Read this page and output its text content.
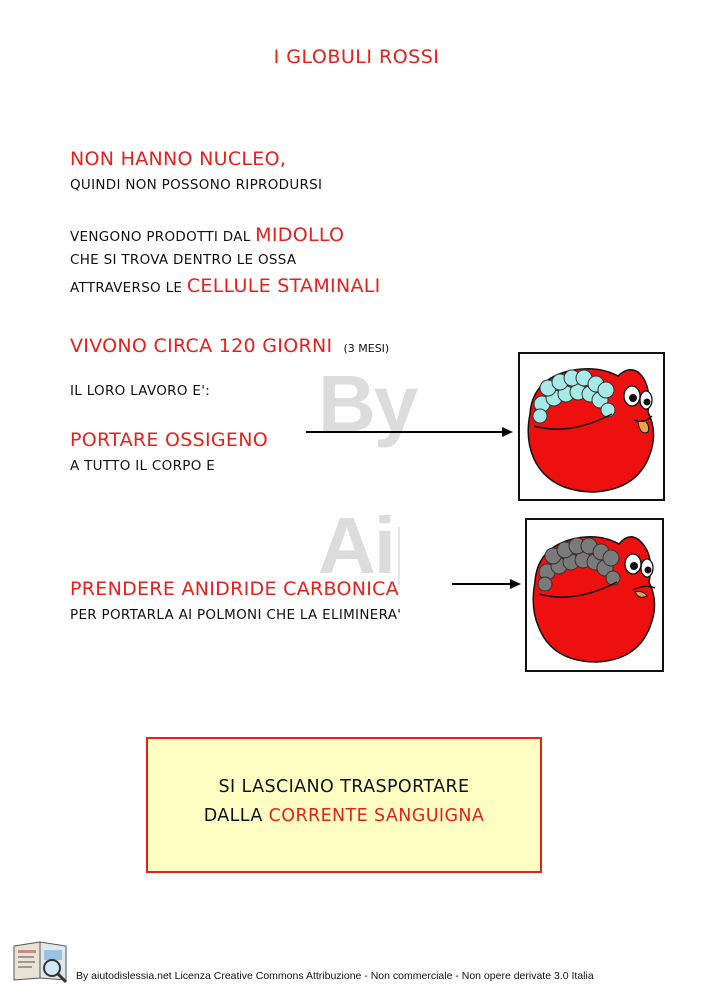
By
Ai
I GLOBULI ROSSI
NON HANNO NUCLEO,
QUINDI NON POSSONO RIPRODURSI
VENGONO PRODOTTI DAL MIDOLLO
CHE SI TROVA DENTRO LE OSSA
ATTRAVERSO LE CELLULE STAMINALI
VIVONO CIRCA 120 GIORNI (3 MESI)
IL LORO LAVORO E':
PORTARE OSSIGENO
A TUTTO IL CORPO E
PRENDERE ANIDRIDE CARBONICA
PER PORTARLA AI POLMONI CHE LA ELIMINERA'
SI LASCIANO TRASPORTARE
DALLA CORRENTE SANGUIGNA
By aiutodislessia.net Licenza Creative Commons Attribuzione - Non commerciale - Non opere derivate 3.0 Italia
